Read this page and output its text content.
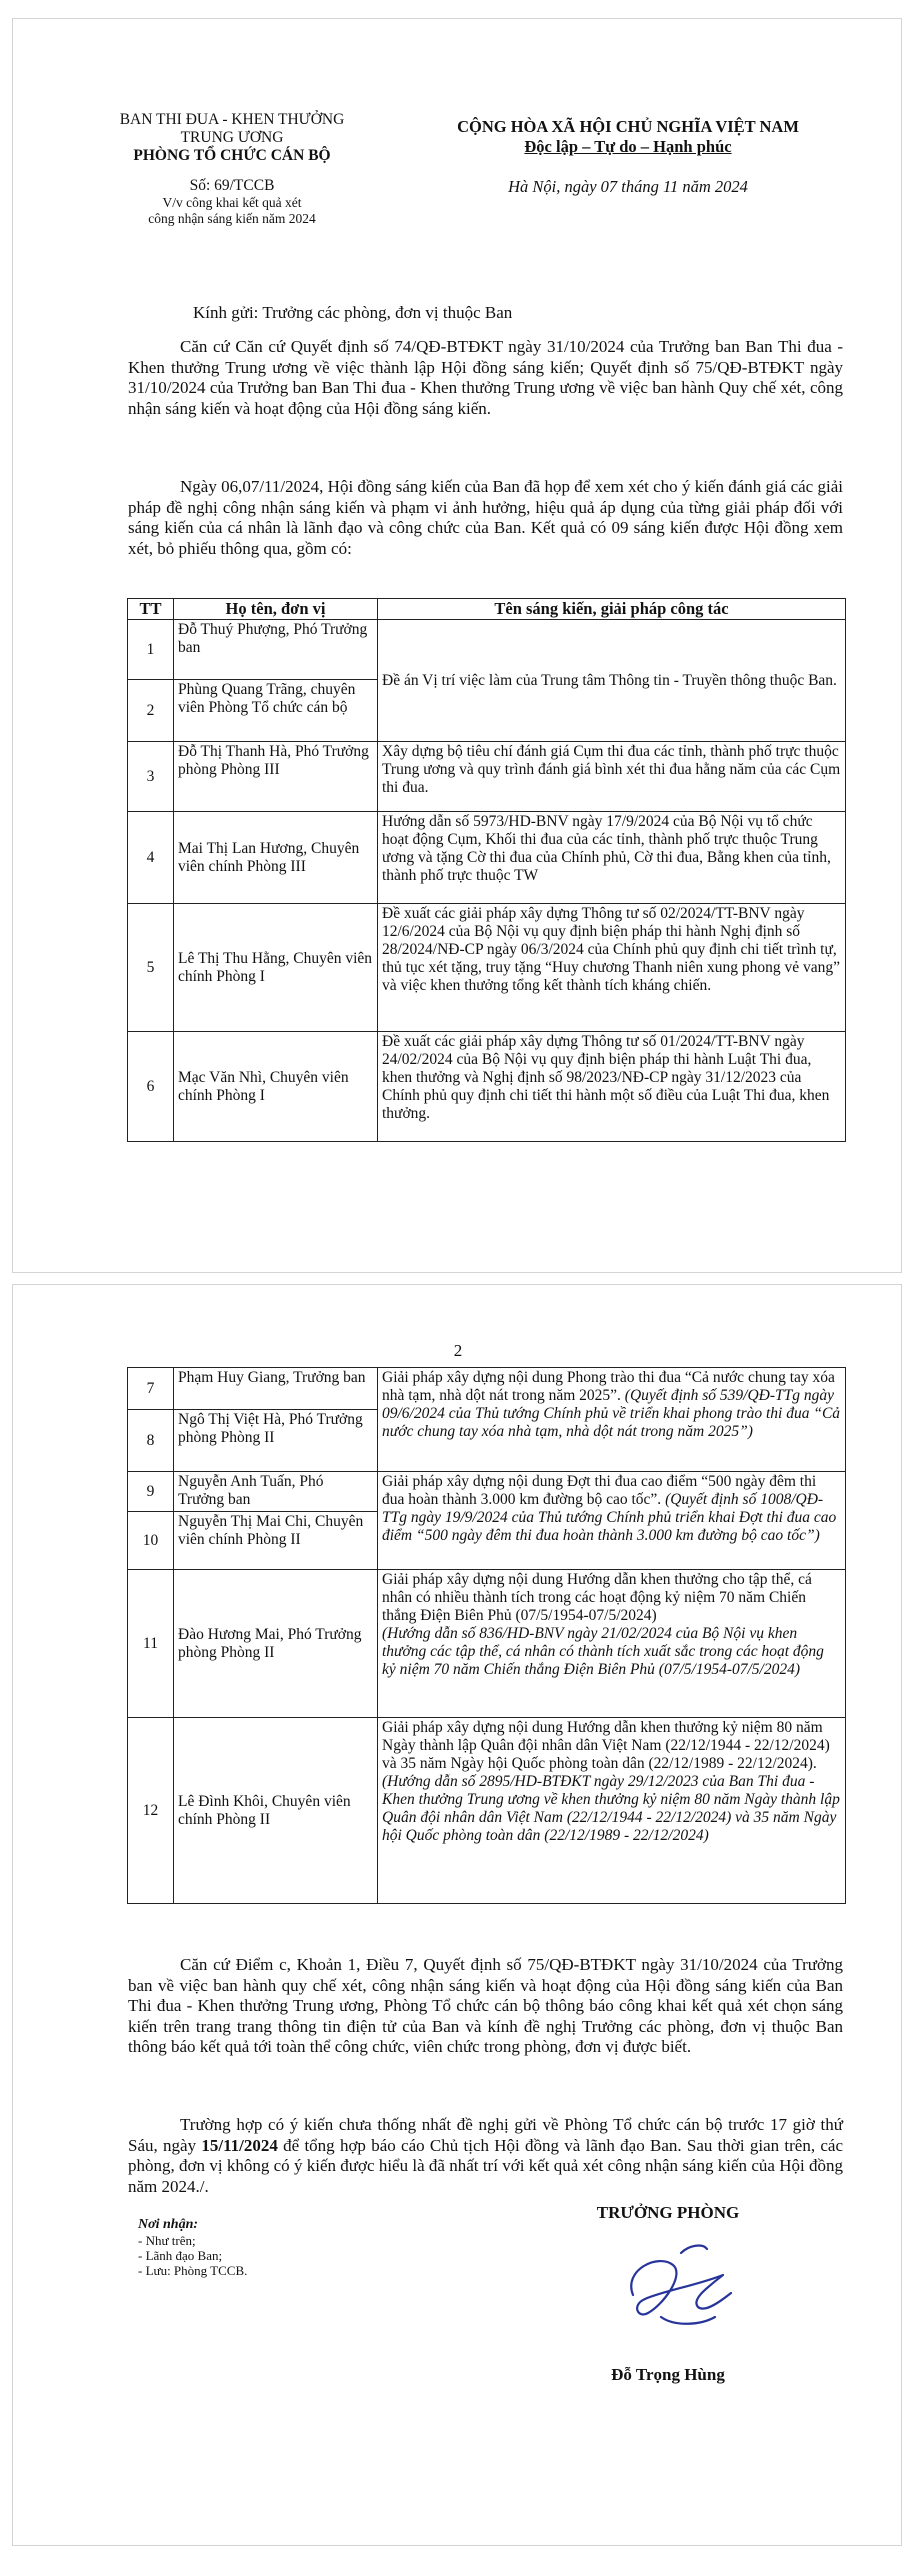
BAN THI ĐUA - KHEN THƯỞNG
TRUNG ƯƠNG
PHÒNG TỔ CHỨC CÁN BỘ
Số: 69/TCCB
V/v công khai kết quả xét
công nhận sáng kiến năm 2024
CỘNG HÒA XÃ HỘI CHỦ NGHĨA VIỆT NAM
Độc lập – Tự do – Hạnh phúc
Hà Nội, ngày 07 tháng 11 năm 2024
Kính gửi: Trưởng các phòng, đơn vị thuộc Ban
Căn cứ Căn cứ Quyết định số 74/QĐ-BTĐKT ngày 31/10/2024 của Trưởng ban Ban Thi đua - Khen thưởng Trung ương về việc thành lập Hội đồng sáng kiến; Quyết định số 75/QĐ-BTĐKT ngày 31/10/2024 của Trưởng ban Ban Thi đua - Khen thưởng Trung ương về việc ban hành Quy chế xét, công nhận sáng kiến và hoạt động của Hội đồng sáng kiến.
Ngày 06,07/11/2024, Hội đồng sáng kiến của Ban đã họp để xem xét cho ý kiến đánh giá các giải pháp đề nghị công nhận sáng kiến và phạm vi ảnh hưởng, hiệu quả áp dụng của từng giải pháp đối với sáng kiến của cá nhân là lãnh đạo và công chức của Ban. Kết quả có 09 sáng kiến được Hội đồng xem xét, bỏ phiếu thông qua, gồm có:
TT	Họ tên, đơn vị	Tên sáng kiến, giải pháp công tác
1	Đỗ Thuý Phượng, Phó Trưởng ban	Đề án Vị trí việc làm của Trung tâm Thông tin - Truyền thông thuộc Ban.
2	Phùng Quang Trãng, chuyên viên Phòng Tổ chức cán bộ	
3	Đỗ Thị Thanh Hà, Phó Trưởng phòng Phòng III	Xây dựng bộ tiêu chí đánh giá Cụm thi đua các tỉnh, thành phố trực thuộc Trung ương và quy trình đánh giá bình xét thi đua hằng năm của các Cụm thi đua.
4	Mai Thị Lan Hương, Chuyên viên chính Phòng III	Hướng dẫn số 5973/HD-BNV ngày 17/9/2024 của Bộ Nội vụ tổ chức hoạt động Cụm, Khối thi đua của các tỉnh, thành phố trực thuộc Trung ương và tặng Cờ thi đua của Chính phủ, Cờ thi đua, Bằng khen của tỉnh, thành phố trực thuộc TW
5	Lê Thị Thu Hằng, Chuyên viên chính Phòng I	Đề xuất các giải pháp xây dựng Thông tư số 02/2024/TT-BNV ngày 12/6/2024 của Bộ Nội vụ quy định biện pháp thi hành Nghị định số 28/2024/NĐ-CP ngày 06/3/2024 của Chính phủ quy định chi tiết trình tự, thủ tục xét tặng, truy tặng “Huy chương Thanh niên xung phong vẻ vang” và việc khen thưởng tổng kết thành tích kháng chiến.
6	Mạc Văn Nhì, Chuyên viên chính Phòng I	Đề xuất các giải pháp xây dựng Thông tư số 01/2024/TT-BNV ngày 24/02/2024 của Bộ Nội vụ quy định biện pháp thi hành Luật Thi đua, khen thưởng và Nghị định số 98/2023/NĐ-CP ngày 31/12/2023 của Chính phủ quy định chi tiết thi hành một số điều của Luật Thi đua, khen thưởng.
2
7	Phạm Huy Giang, Trưởng ban	Giải pháp xây dựng nội dung Phong trào thi đua “Cả nước chung tay xóa nhà tạm, nhà dột nát trong năm 2025”. (Quyết định số 539/QĐ-TTg ngày 09/6/2024 của Thủ tướng Chính phủ về triển khai phong trào thi đua “Cả nước chung tay xóa nhà tạm, nhà dột nát trong năm 2025”)
8	Ngô Thị Việt Hà, Phó Trưởng phòng Phòng II	
9	Nguyễn Anh Tuấn, Phó Trưởng ban	Giải pháp xây dựng nội dung Đợt thi đua cao điểm “500 ngày đêm thi đua hoàn thành 3.000 km đường bộ cao tốc”. (Quyết định số 1008/QĐ-TTg ngày 19/9/2024 của Thủ tướng Chính phủ triển khai Đợt thi đua cao điểm “500 ngày đêm thi đua hoàn thành 3.000 km đường bộ cao tốc”)
10	Nguyễn Thị Mai Chi, Chuyên viên chính Phòng II	
11	Đào Hương Mai, Phó Trưởng phòng Phòng II	Giải pháp xây dựng nội dung Hướng dẫn khen thưởng cho tập thể, cá nhân có nhiều thành tích trong các hoạt động kỷ niệm 70 năm Chiến thắng Điện Biên Phủ (07/5/1954-07/5/2024)
(Hướng dẫn số 836/HD-BNV ngày 21/02/2024 của Bộ Nội vụ khen thưởng các tập thể, cá nhân có thành tích xuất sắc trong các hoạt động kỷ niệm 70 năm Chiến thắng Điện Biên Phủ (07/5/1954-07/5/2024)
12	Lê Đình Khôi, Chuyên viên chính Phòng II	Giải pháp xây dựng nội dung Hướng dẫn khen thưởng kỷ niệm 80 năm Ngày thành lập Quân đội nhân dân Việt Nam (22/12/1944 - 22/12/2024) và 35 năm Ngày hội Quốc phòng toàn dân (22/12/1989 - 22/12/2024). (Hướng dẫn số 2895/HD-BTĐKT ngày 29/12/2023 của Ban Thi đua - Khen thưởng Trung ương về khen thưởng kỷ niệm 80 năm Ngày thành lập Quân đội nhân dân Việt Nam (22/12/1944 - 22/12/2024) và 35 năm Ngày hội Quốc phòng toàn dân (22/12/1989 - 22/12/2024)
Căn cứ Điểm c, Khoản 1, Điều 7, Quyết định số 75/QĐ-BTĐKT ngày 31/10/2024 của Trưởng ban về việc ban hành quy chế xét, công nhận sáng kiến và hoạt động của Hội đồng sáng kiến của Ban Thi đua - Khen thưởng Trung ương, Phòng Tổ chức cán bộ thông báo công khai kết quả xét chọn sáng kiến trên trang trang thông tin điện tử của Ban và kính đề nghị Trưởng các phòng, đơn vị thuộc Ban thông báo kết quả tới toàn thể công chức, viên chức trong phòng, đơn vị được biết.
Trường hợp có ý kiến chưa thống nhất đề nghị gửi về Phòng Tổ chức cán bộ trước 17 giờ thứ Sáu, ngày 15/11/2024 để tổng hợp báo cáo Chủ tịch Hội đồng và lãnh đạo Ban. Sau thời gian trên, các phòng, đơn vị không có ý kiến được hiểu là đã nhất trí với kết quả xét công nhận sáng kiến của Hội đồng năm 2024./.
Nơi nhận:
- Như trên;
- Lãnh đạo Ban;
- Lưu: Phòng TCCB.
TRƯỞNG PHÒNG
Đỗ Trọng Hùng
